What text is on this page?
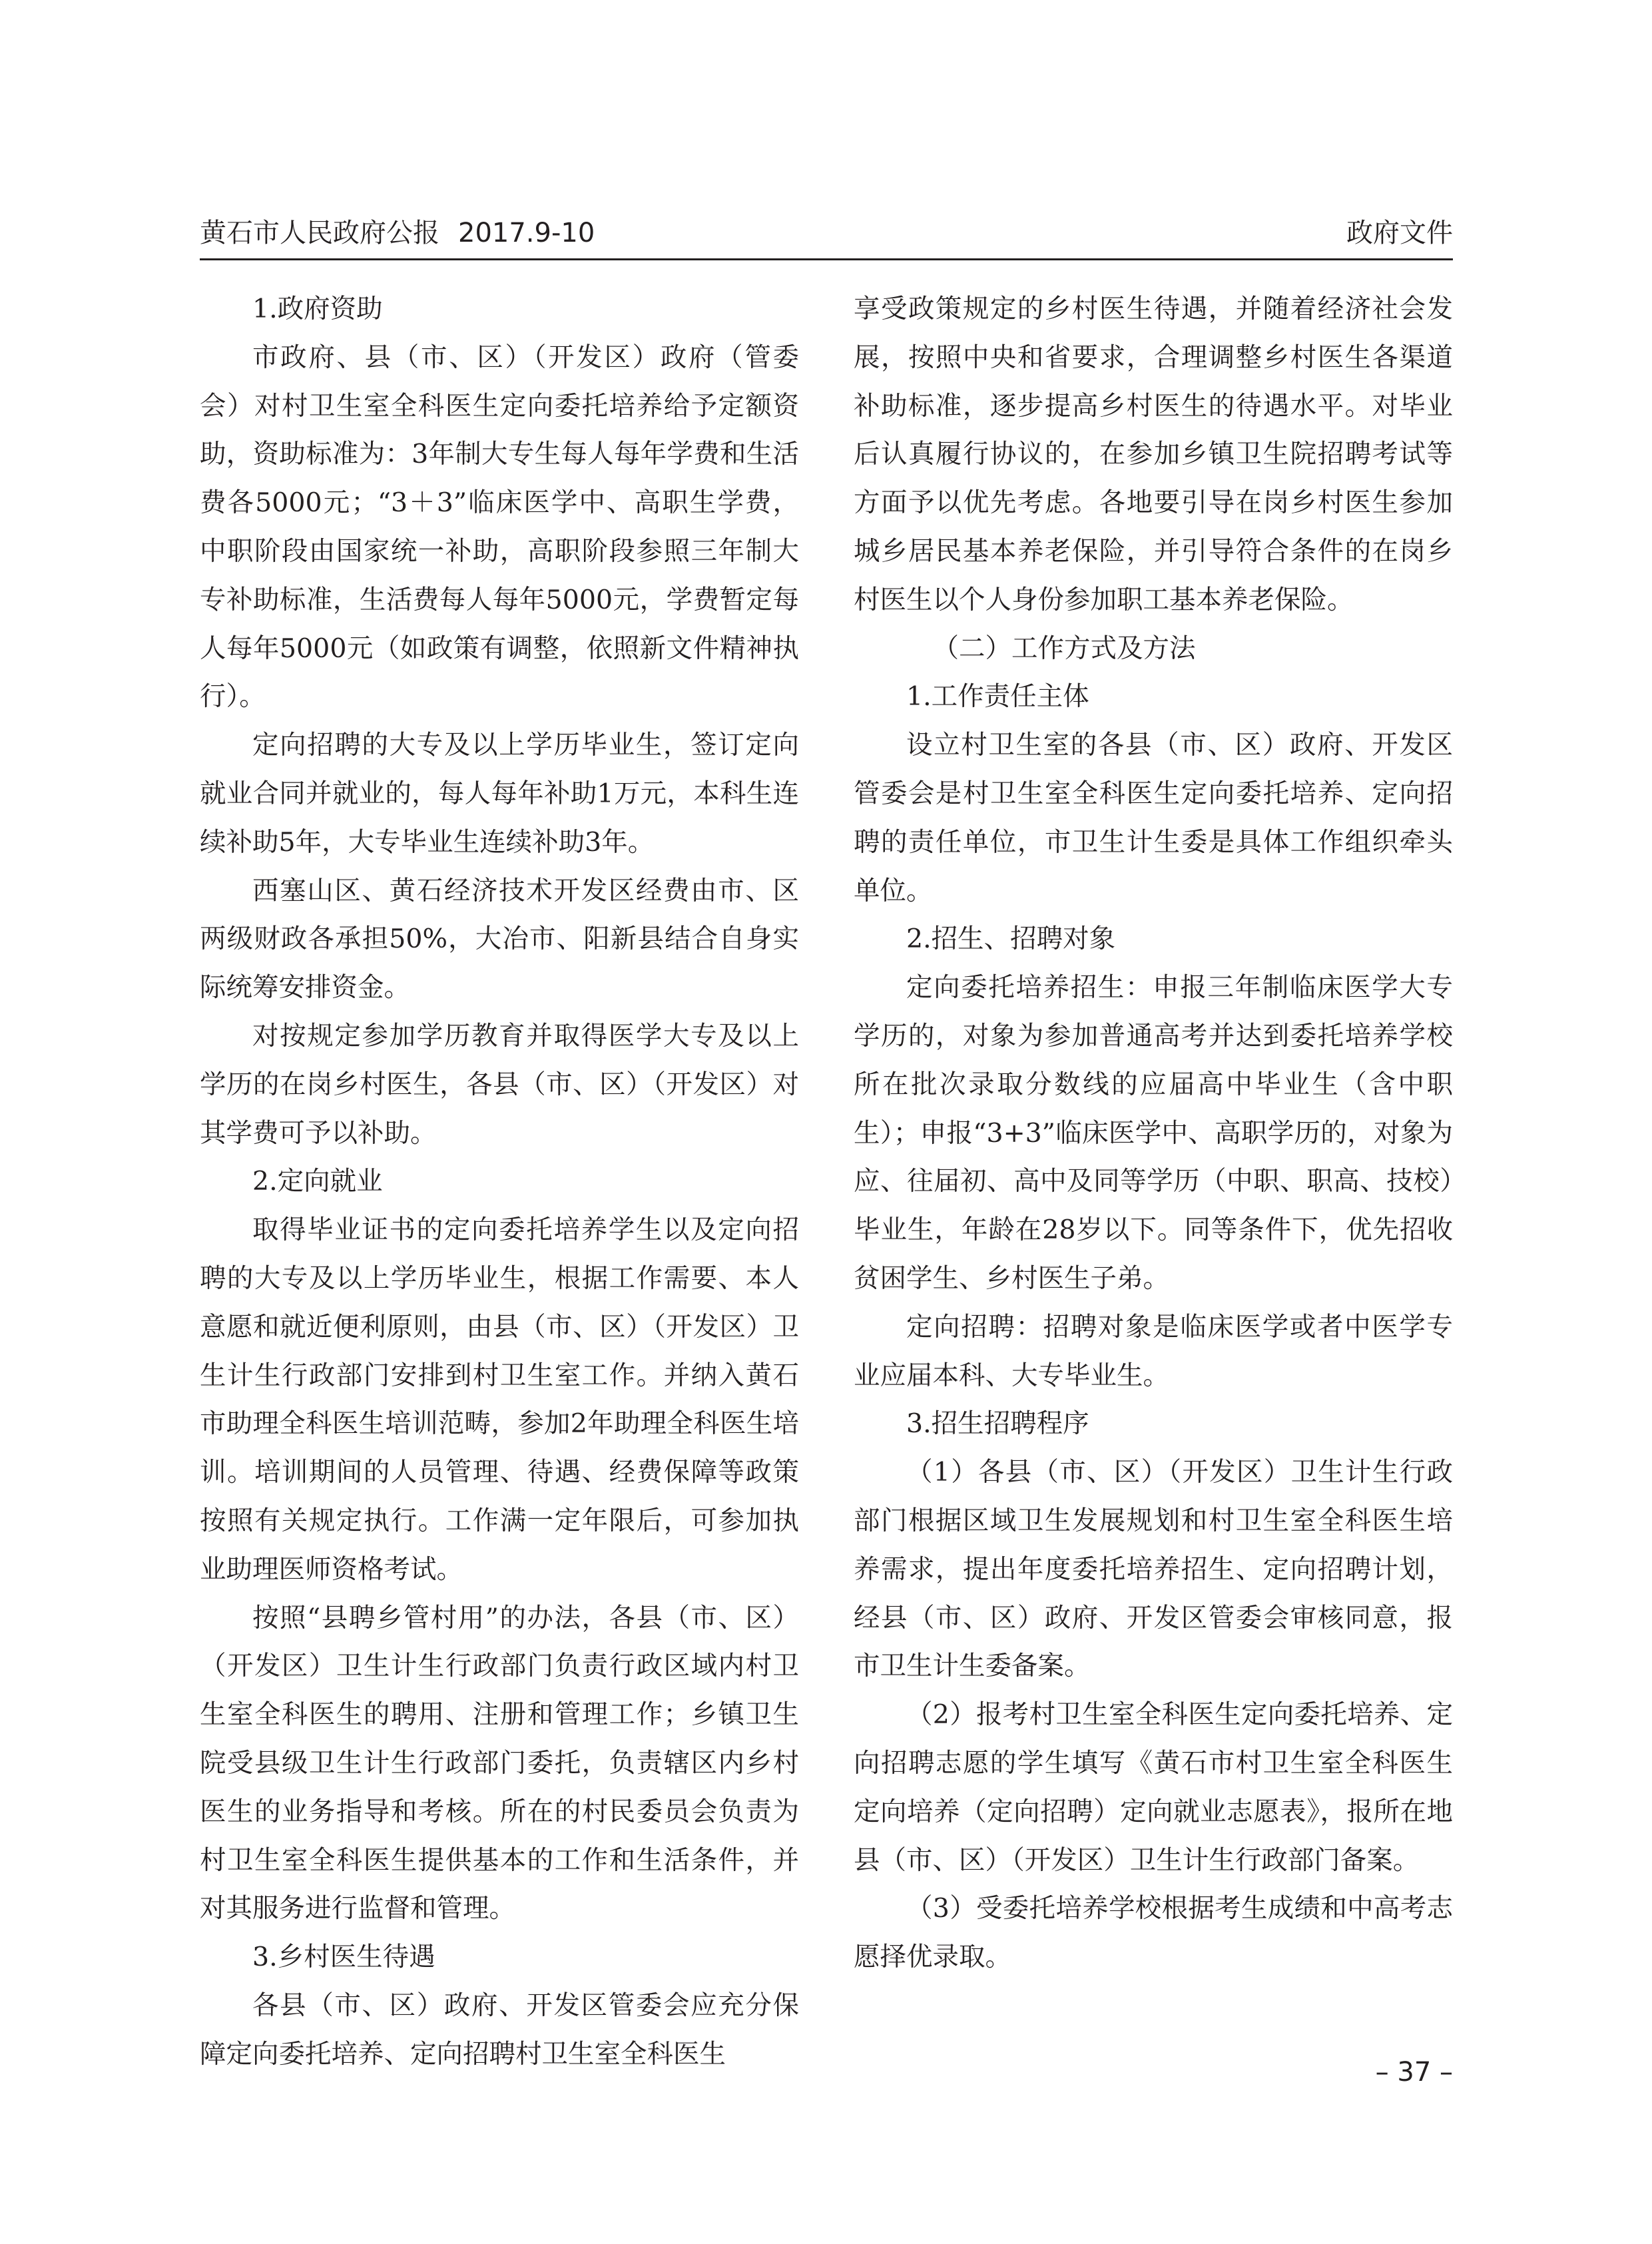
黄石市人民政府公报 2017.9-10	政府文件

1.政府资助

市政府、县（市、区）（开发区）政府（管委会）对村卫生室全科医生定向委托培养给予定额资助，资助标准为：3年制大专生每人每年学费和生活费各5000元；“3＋3”临床医学中、高职生学费，中职阶段由国家统一补助，高职阶段参照三年制大专补助标准，生活费每人每年5000元，学费暂定每人每年5000元（如政策有调整，依照新文件精神执行）。

定向招聘的大专及以上学历毕业生，签订定向就业合同并就业的，每人每年补助1万元，本科生连续补助5年，大专毕业生连续补助3年。

西塞山区、黄石经济技术开发区经费由市、区两级财政各承担50%，大冶市、阳新县结合自身实际统筹安排资金。

对按规定参加学历教育并取得医学大专及以上学历的在岗乡村医生，各县（市、区）（开发区）对其学费可予以补助。

2.定向就业

取得毕业证书的定向委托培养学生以及定向招聘的大专及以上学历毕业生，根据工作需要、本人意愿和就近便利原则，由县（市、区）（开发区）卫生计生行政部门安排到村卫生室工作。并纳入黄石市助理全科医生培训范畴，参加2年助理全科医生培训。培训期间的人员管理、待遇、经费保障等政策按照有关规定执行。工作满一定年限后，可参加执业助理医师资格考试。

按照“县聘乡管村用”的办法，各县（市、区）（开发区）卫生计生行政部门负责行政区域内村卫生室全科医生的聘用、注册和管理工作；乡镇卫生院受县级卫生计生行政部门委托，负责辖区内乡村医生的业务指导和考核。所在的村民委员会负责为村卫生室全科医生提供基本的工作和生活条件，并对其服务进行监督和管理。

3.乡村医生待遇

各县（市、区）政府、开发区管委会应充分保障定向委托培养、定向招聘村卫生室全科医生

享受政策规定的乡村医生待遇，并随着经济社会发展，按照中央和省要求，合理调整乡村医生各渠道补助标准，逐步提高乡村医生的待遇水平。对毕业后认真履行协议的，在参加乡镇卫生院招聘考试等方面予以优先考虑。各地要引导在岗乡村医生参加城乡居民基本养老保险，并引导符合条件的在岗乡村医生以个人身份参加职工基本养老保险。

（二）工作方式及方法

1.工作责任主体

设立村卫生室的各县（市、区）政府、开发区管委会是村卫生室全科医生定向委托培养、定向招聘的责任单位，市卫生计生委是具体工作组织牵头单位。

2.招生、招聘对象

定向委托培养招生：申报三年制临床医学大专学历的，对象为参加普通高考并达到委托培养学校所在批次录取分数线的应届高中毕业生（含中职生）；申报“3+3”临床医学中、高职学历的，对象为应、往届初、高中及同等学历（中职、职高、技校）毕业生，年龄在28岁以下。同等条件下，优先招收贫困学生、乡村医生子弟。

定向招聘：招聘对象是临床医学或者中医学专业应届本科、大专毕业生。

3.招生招聘程序

（1）各县（市、区）（开发区）卫生计生行政部门根据区域卫生发展规划和村卫生室全科医生培养需求，提出年度委托培养招生、定向招聘计划，经县（市、区）政府、开发区管委会审核同意，报市卫生计生委备案。

（2）报考村卫生室全科医生定向委托培养、定向招聘志愿的学生填写《黄石市村卫生室全科医生定向培养（定向招聘）定向就业志愿表》，报所在地县（市、区）（开发区）卫生计生行政部门备案。

（3）受委托培养学校根据考生成绩和中高考志愿择优录取。

– 37 –
